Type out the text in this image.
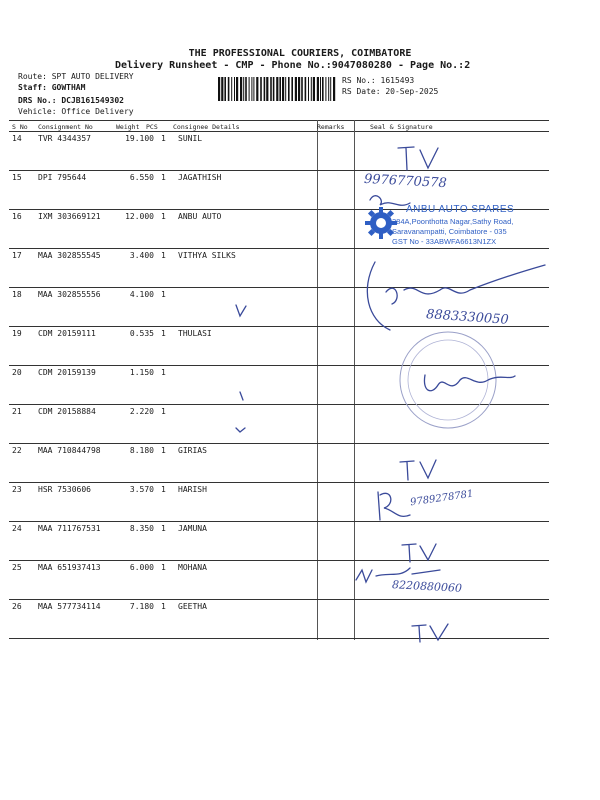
THE PROFESSIONAL COURIERS, COIMBATORE
Delivery Runsheet - CMP - Phone No.:9047080280 - Page No.:2
Route: SPT AUTO DELIVERY
Staff: GOWTHAM
DRS No.: DCJB161549302
Vehicle: Office Delivery
RS No.: 1615493
RS Date: 20-Sep-2025
S No Consignment No	Weight PCS Consignee Details	Remarks	Seal & Signature
14 TVR 4344357	19.100 1 SUNIL
15 DPI 795644	6.550 1 JAGATHISH
16 IXM 303669121	12.000 1 ANBU AUTO
17 MAA 302855545	3.400 1 VITHYA SILKS
18 MAA 302855556	4.100 1
19 CDM 20159111	0.535 1 THULASI
20 CDM 20159139	1.150 1
21 CDM 20158884	2.220 1
22 MAA 710844798	8.180 1 GIRIAS
23 HSR 7530606	3.570 1 HARISH
24 MAA 711767531	8.350 1 JAMUNA
25 MAA 651937413	6.000 1 MOHANA
26 MAA 577734114	7.180 1 GEETHA
9976770578
8883330050
9789278781
8220880060
ANBU AUTO SPARES
284A,Poonthotta Nagar,Sathy Road,
Saravanampatti, Coimbatore - 035
GST No - 33ABWFA6613N1ZX
